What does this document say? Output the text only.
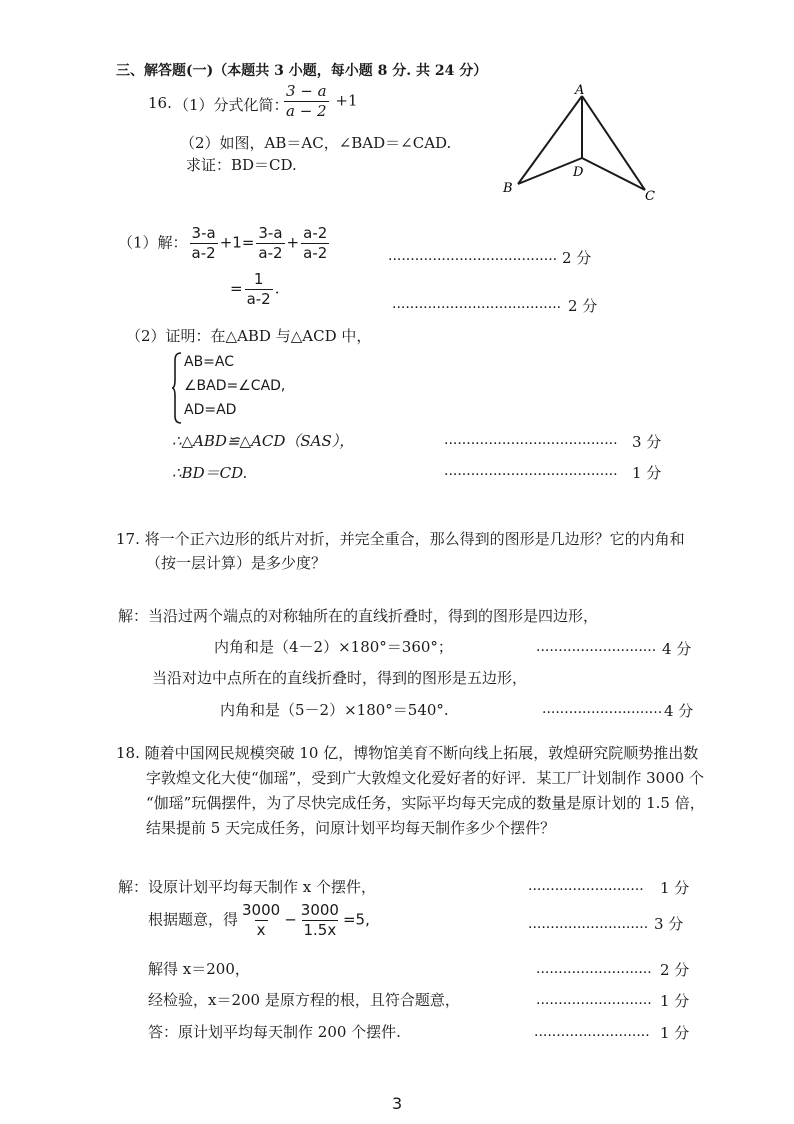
三、解答题(一)（本题共 3 小题，每小题 8 分. 共 24 分）
16. （1）分式化简：
$\frac{3 - a}{a - 2} +1$
（2）如图，AB＝AC，∠BAD＝∠CAD.
求证：BD＝CD.
A
B
C
D
（1）解： $\frac{3-a}{a-2} +1= \frac{3-a}{a-2} + \frac{a-2}{a-2}$	...................................... 2 分
= $\frac{1}{a-2}$ .
...................................... 2 分
（2）证明：在△ABD 与△ACD 中，
AB=AC
∠BAD=∠CAD,
AD=AD
∴△ABD≌△ACD（SAS），	....................................... 3 分
∴BD＝CD.	....................................... 1 分
17. 将一个正六边形的纸片对折，并完全重合，那么得到的图形是几边形？它的内角和
（按一层计算）是多少度？
解：当沿过两个端点的对称轴所在的直线折叠时，得到的图形是四边形，
内角和是（4－2）×180°＝360°；	........................... 4 分
当沿对边中点所在的直线折叠时，得到的图形是五边形，
内角和是（5－2）×180°＝540°.	........................... 4 分
18. 随着中国网民规模突破 10 亿，博物馆美育不断向线上拓展，敦煌研究院顺势推出数
字敦煌文化大使“伽瑶”，受到广大敦煌文化爱好者的好评．某工厂计划制作 3000 个
“伽瑶”玩偶摆件，为了尽快完成任务，实际平均每天完成的数量是原计划的 1.5 倍，
结果提前 5 天完成任务，问原计划平均每天制作多少个摆件？
解：设原计划平均每天制作 x 个摆件，	.......................... 1 分
根据题意，得 $\frac{3000}{x} - \frac{3000}{1.5x} =5$,	........................... 3 分
解得 x＝200，	.......................... 2 分
经检验，x＝200 是原方程的根，且符合题意，	.......................... 1 分
答：原计划平均每天制作 200 个摆件.	.......................... 1 分
3
